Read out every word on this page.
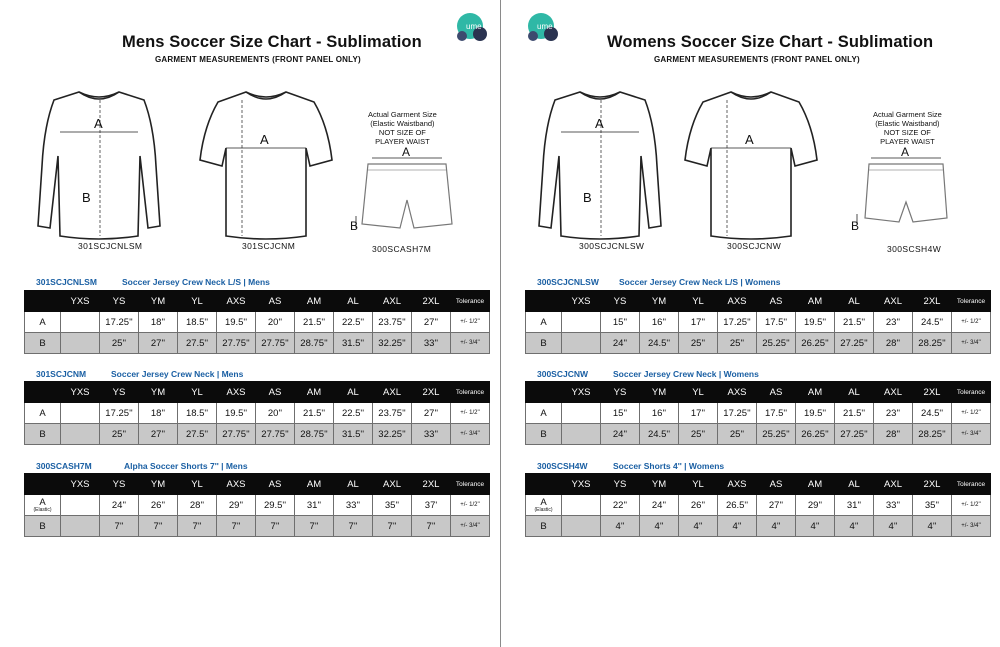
ume
Mens Soccer Size Chart - Sublimation
GARMENT MEASUREMENTS (FRONT PANEL ONLY)
A
B
301SCJCNLSM
A
301SCJCNM
Actual Garment Size
(Elastic Waistband)
NOT SIZE OF
PLAYER WAIST
A
B
300SCASH7M
301SCJCNLSM	Soccer Jersey Crew Neck L/S | Mens
	YXS	YS	YM	YL	AXS	AS	AM	AL	AXL	2XL	Tolerance
A		17.25''	18''	18.5''	19.5''	20''	21.5''	22.5''	23.75''	27''	+/- 1/2''
B		25''	27''	27.5''	27.75''	27.75''	28.75''	31.5''	32.25''	33''	+/- 3/4''
301SCJCNM	Soccer Jersey Crew Neck | Mens
	YXS	YS	YM	YL	AXS	AS	AM	AL	AXL	2XL	Tolerance
A		17.25''	18''	18.5''	19.5''	20''	21.5''	22.5''	23.75''	27''	+/- 1/2''
B		25''	27''	27.5''	27.75''	27.75''	28.75''	31.5''	32.25''	33''	+/- 3/4''
300SCASH7M	Alpha Soccer Shorts 7'' | Mens
	YXS	YS	YM	YL	AXS	AS	AM	AL	AXL	2XL	Tolerance
A
(Elastic)		24''	26''	28''	29''	29.5''	31''	33''	35''	37'	+/- 1/2''
B		7''	7''	7''	7''	7''	7''	7''	7''	7''	+/- 3/4''
ume
Womens Soccer Size Chart - Sublimation
GARMENT MEASUREMENTS (FRONT PANEL ONLY)
A
B
300SCJCNLSW
A
300SCJCNW
Actual Garment Size
(Elastic Waistband)
NOT SIZE OF
PLAYER WAIST
A
B
300SCSH4W
300SCJCNLSW Soccer Jersey Crew Neck L/S | Womens
	YXS	YS	YM	YL	AXS	AS	AM	AL	AXL	2XL	Tolerance
A		15''	16''	17''	17.25''	17.5''	19.5''	21.5''	23''	24.5''	+/- 1/2''
B		24''	24.5''	25''	25''	25.25''	26.25''	27.25''	28''	28.25''	+/- 3/4''
300SCJCNW	Soccer Jersey Crew Neck | Womens
	YXS	YS	YM	YL	AXS	AS	AM	AL	AXL	2XL	Tolerance
A		15''	16''	17''	17.25''	17.5''	19.5''	21.5''	23''	24.5''	+/- 1/2''
B		24''	24.5''	25''	25''	25.25''	26.25''	27.25''	28''	28.25''	+/- 3/4''
300SCSH4W	Soccer Shorts 4'' | Womens
	YXS	YS	YM	YL	AXS	AS	AM	AL	AXL	2XL	Tolerance
A
(Elastic)		22''	24''	26''	26.5''	27''	29''	31''	33''	35''	+/- 1/2''
B		4''	4''	4''	4''	4''	4''	4''	4''	4''	+/- 3/4''
